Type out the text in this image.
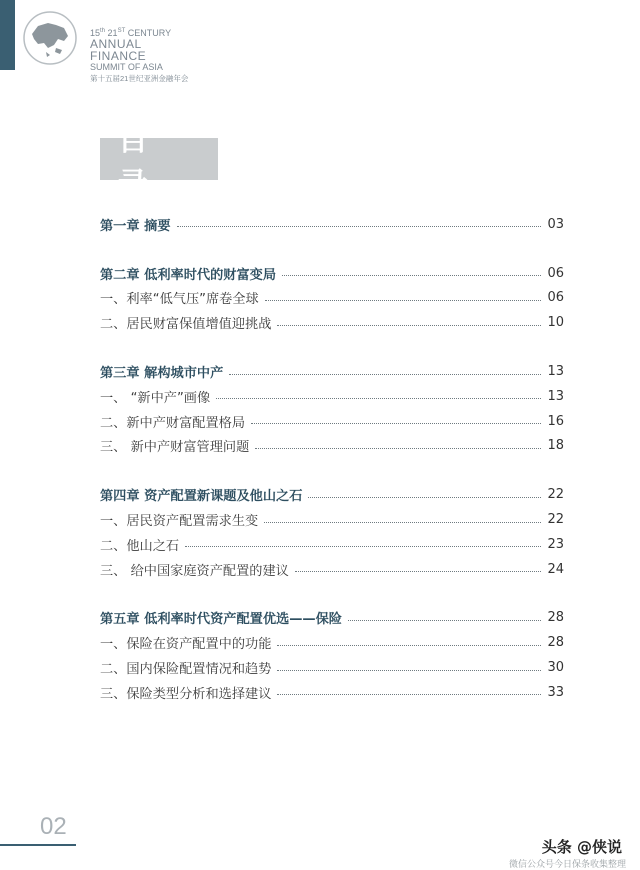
15th 21ST CENTURY
ANNUAL FINANCE
SUMMIT OF ASIA
第十五届21世纪亚洲金融年会
目录
第一章 摘要	03
第二章 低利率时代的财富变局	06
一、利率“低气压”席卷全球	06
二、居民财富保值增值迎挑战	10
第三章 解构城市中产	13
一、 “新中产”画像	13
二、新中产财富配置格局	16
三、 新中产财富管理问题	18
第四章 资产配置新课题及他山之石	22
一、居民资产配置需求生变	22
二、他山之石	23
三、 给中国家庭资产配置的建议	24
第五章 低利率时代资产配置优选——保险	28
一、保险在资产配置中的功能	28
二、国内保险配置情况和趋势	30
三、保险类型分析和选择建议	33
02
头条 @侠说
微信公众号今日保条收集整理
